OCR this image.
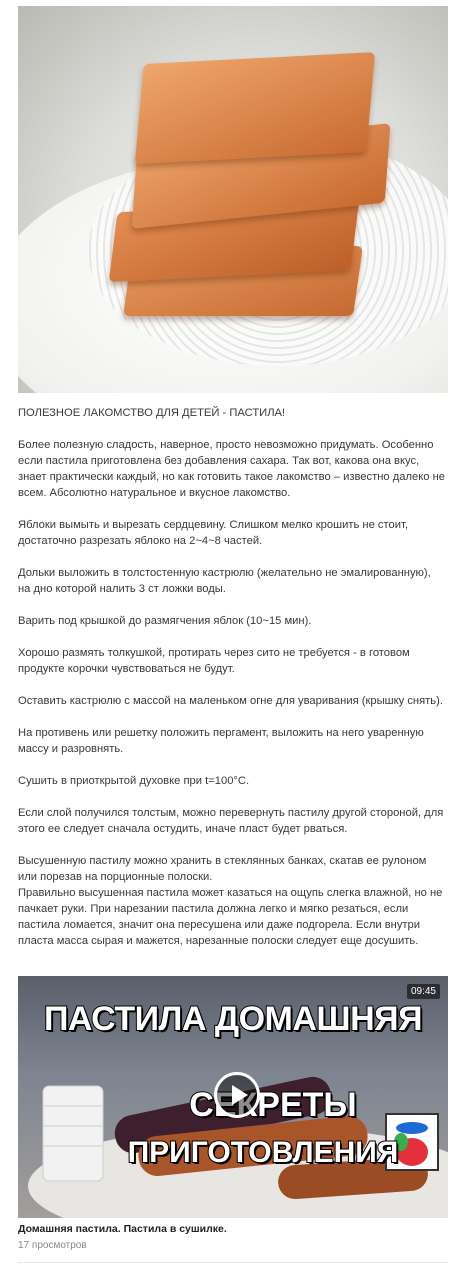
ПОЛЕЗНОЕ ЛАКОМСТВО ДЛЯ ДЕТЕЙ - ПАСТИЛА!

Более полезную сладость, наверное, просто невозможно придумать. Особенно если пастила приготовлена без добавления сахара. Так вот, какова она вкус, знает практически каждый, но как готовить такое лакомство – известно далеко не всем. Абсолютно натуральное и вкусное лакомство.

Яблоки вымыть и вырезать сердцевину. Слишком мелко крошить не стоит, достаточно разрезать яблоко на 2~4~8 частей.

Дольки выложить в толстостенную кастрюлю (желательно не эмалированную), на дно которой налить 3 ст ложки воды.

Варить под крышкой до размягчения яблок (10~15 мин).

Хорошо размять толкушкой, протирать через сито не требуется - в готовом продукте корочки чувствоваться не будут.

Оставить кастрюлю с массой на маленьком огне для уваривания (крышку снять).

На противень или решетку положить пергамент, выложить на него уваренную массу и разровнять.

Сушить в приоткрытой духовке при t=100°C.

Если слой получился толстым, можно перевернуть пастилу другой стороной, для этого ее следует сначала остудить, иначе пласт будет рваться.

Высушенную пастилу можно хранить в стеклянных банках, скатав ее рулоном или порезав на порционные полоски.

Правильно высушенная пастила может казаться на ощупь слегка влажной, но не пачкает руки. При нарезании пастила должна легко и мягко резаться, если пастила ломается, значит она пересушена или даже подгорела. Если внутри пласта масса сырая и мажется, нарезанные полоски следует еще досушить.

ПАСТИЛА ДОМАШНЯЯ
СЕКРЕТЫ
ПРИГОТОВЛЕНИЯ
09:45
Домашняя пастила. Пастила в сушилке.
17 просмотров
